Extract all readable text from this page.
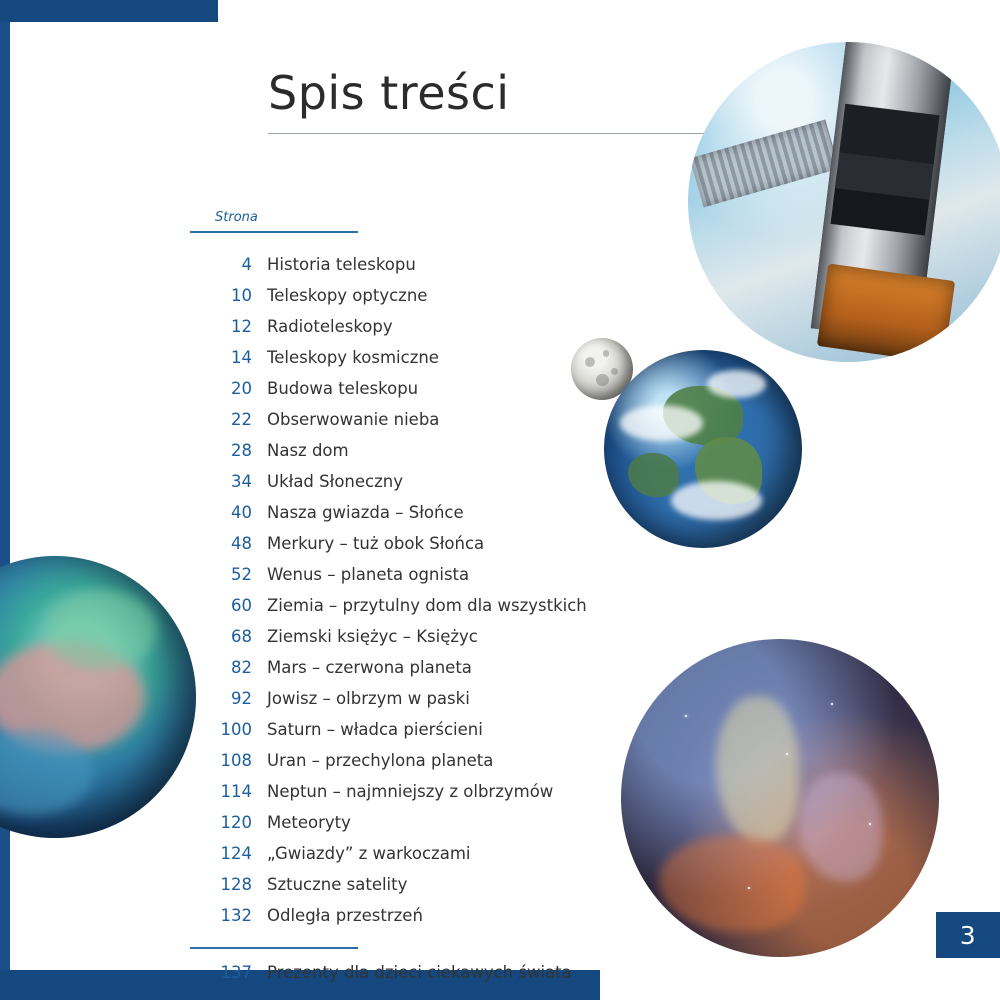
3
Spis treści
Strona
4 Historia teleskopu
10 Teleskopy optyczne
12 Radioteleskopy
14 Teleskopy kosmiczne
20 Budowa teleskopu
22 Obserwowanie nieba
28 Nasz dom
34 Układ Słoneczny
40 Nasza gwiazda – Słońce
48 Merkury – tuż obok Słońca
52 Wenus – planeta ognista
60 Ziemia – przytulny dom dla wszystkich
68 Ziemski księżyc – Księżyc
82 Mars – czerwona planeta
92 Jowisz – olbrzym w paski
100 Saturn – władca pierścieni
108 Uran – przechylona planeta
114 Neptun – najmniejszy z olbrzymów
120 Meteoryty
124 „Gwiazdy” z warkoczami
128 Sztuczne satelity
132 Odległa przestrzeń
137 Prezenty dla dzieci ciekawych świata
